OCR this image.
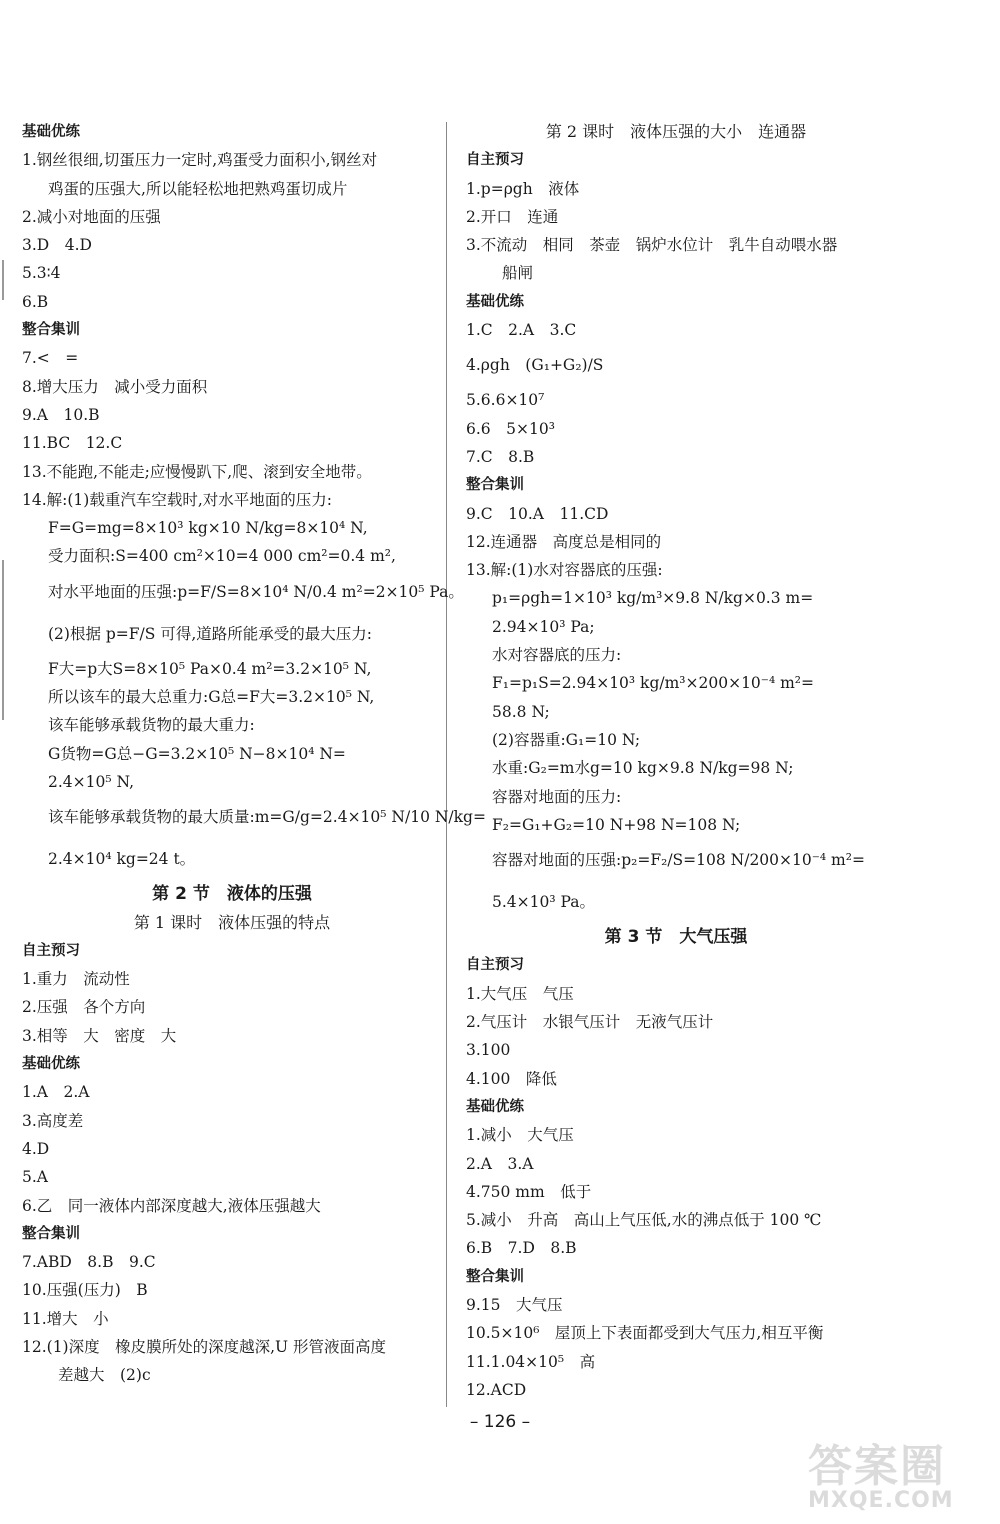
基础优练
1.钢丝很细,切蛋压力一定时,鸡蛋受力面积小,钢丝对
鸡蛋的压强大,所以能轻松地把熟鸡蛋切成片
2.减小对地面的压强
3.D　4.D
5.3∶4
6.B
整合集训
7.<　=
8.增大压力　减小受力面积
9.A　10.B
11.BC　12.C
13.不能跑,不能走;应慢慢趴下,爬、滚到安全地带。
14.解:(1)载重汽车空载时,对水平地面的压力:
F=G=mg=8×10³ kg×10 N/kg=8×10⁴ N,
受力面积:S=400 cm²×10=4 000 cm²=0.4 m²,
对水平地面的压强:p=F/S=8×10⁴ N/0.4 m²=2×10⁵ Pa。
(2)根据 p=F/S 可得,道路所能承受的最大压力:
F大=p大S=8×10⁵ Pa×0.4 m²=3.2×10⁵ N,
所以该车的最大总重力:G总=F大=3.2×10⁵ N,
该车能够承载货物的最大重力:
G货物=G总−G=3.2×10⁵ N−8×10⁴ N=
2.4×10⁵ N,
该车能够承载货物的最大质量:m=G/g=2.4×10⁵ N/10 N/kg=
2.4×10⁴ kg=24 t。
第 2 节　液体的压强
第 1 课时　液体压强的特点
自主预习
1.重力　流动性
2.压强　各个方向
3.相等　大　密度　大
基础优练
1.A　2.A
3.高度差
4.D
5.A
6.乙　同一液体内部深度越大,液体压强越大
整合集训
7.ABD　8.B　9.C
10.压强(压力)　B
11.增大　小
12.(1)深度　橡皮膜所处的深度越深,U 形管液面高度
差越大　(2)c
第 2 课时　液体压强的大小　连通器
自主预习
1.p=ρgh　液体
2.开口　连通
3.不流动　相同　茶壶　锅炉水位计　乳牛自动喂水器
船闸
基础优练
1.C　2.A　3.C
4.ρgh　(G₁+G₂)/S
5.6.6×10⁷
6.6　5×10³
7.C　8.B
整合集训
9.C　10.A　11.CD
12.连通器　高度总是相同的
13.解:(1)水对容器底的压强:
p₁=ρgh=1×10³ kg/m³×9.8 N/kg×0.3 m=
2.94×10³ Pa;
水对容器底的压力:
F₁=p₁S=2.94×10³ kg/m³×200×10⁻⁴ m²=
58.8 N;
(2)容器重:G₁=10 N;
水重:G₂=m水g=10 kg×9.8 N/kg=98 N;
容器对地面的压力:
F₂=G₁+G₂=10 N+98 N=108 N;
容器对地面的压强:p₂=F₂/S=108 N/200×10⁻⁴ m²=
5.4×10³ Pa。
第 3 节　大气压强
自主预习
1.大气压　气压
2.气压计　水银气压计　无液气压计
3.100
4.100　降低
基础优练
1.减小　大气压
2.A　3.A
4.750 mm　低于
5.减小　升高　高山上气压低,水的沸点低于 100 ℃
6.B　7.D　8.B
整合集训
9.15　大气压
10.5×10⁶　屋顶上下表面都受到大气压力,相互平衡
11.1.04×10⁵　高
12.ACD
– 126 –
答案圈
MXQE.COM
